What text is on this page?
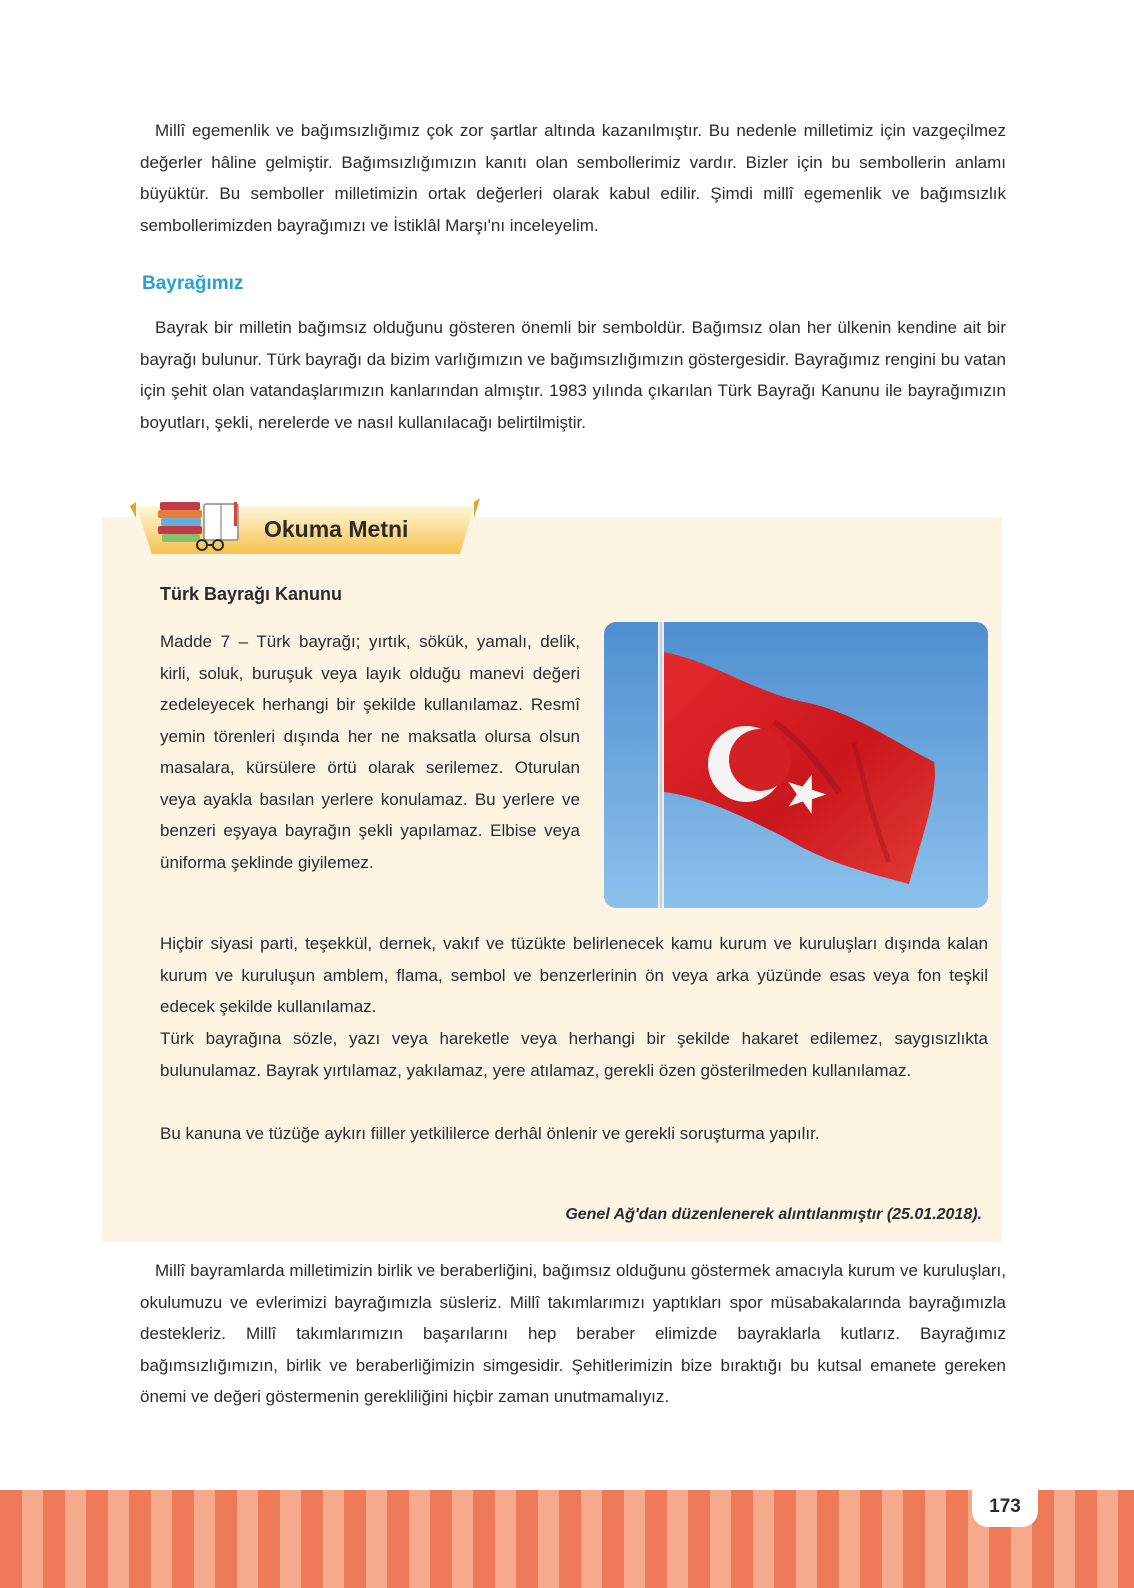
Millî egemenlik ve bağımsızlığımız çok zor şartlar altında kazanılmıştır. Bu nedenle milletimiz için vazgeçilmez değerler hâline gelmiştir. Bağımsızlığımızın kanıtı olan sembollerimiz vardır. Bizler için bu sembollerin anlamı büyüktür. Bu semboller milletimizin ortak değerleri olarak kabul edilir. Şimdi millî egemenlik ve bağımsızlık sembollerimizden bayrağımızı ve İstiklâl Marşı'nı inceleyelim.

Bayrağımız

Bayrak bir milletin bağımsız olduğunu gösteren önemli bir semboldür. Bağımsız olan her ülkenin kendine ait bir bayrağı bulunur. Türk bayrağı da bizim varlığımızın ve bağımsızlığımızın göstergesidir. Bayrağımız rengini bu vatan için şehit olan vatandaşlarımızın kanlarından almıştır. 1983 yılında çıkarılan Türk Bayrağı Kanunu ile bayrağımızın boyutları, şekli, nerelerde ve nasıl kullanılacağı belirtilmiştir.

Okuma Metni
Türk Bayrağı Kanunu

Madde 7 – Türk bayrağı; yırtık, sökük, yamalı, delik, kirli, soluk, buruşuk veya layık olduğu manevi değeri zedeleyecek herhangi bir şekilde kullanılamaz. Resmî yemin törenleri dışında her ne maksatla olursa olsun masalara, kürsülere örtü olarak serilemez. Oturulan veya ayakla basılan yerlere konulamaz. Bu yerlere ve benzeri eşyaya bayrağın şekli yapılamaz. Elbise veya üniforma şeklinde giyilemez.

Hiçbir siyasi parti, teşekkül, dernek, vakıf ve tüzükte belirlenecek kamu kurum ve kuruluşları dışında kalan kurum ve kuruluşun amblem, flama, sembol ve benzerlerinin ön veya arka yüzünde esas veya fon teşkil edecek şekilde kullanılamaz.

Türk bayrağına sözle, yazı veya hareketle veya herhangi bir şekilde hakaret edilemez, saygısızlıkta bulunulamaz. Bayrak yırtılamaz, yakılamaz, yere atılamaz, gerekli özen gösterilmeden kullanılamaz.

Bu kanuna ve tüzüğe aykırı fiiller yetkililerce derhâl önlenir ve gerekli soruşturma yapılır.

Genel Ağ'dan düzenlenerek alıntılanmıştır (25.01.2018).

Millî bayramlarda milletimizin birlik ve beraberliğini, bağımsız olduğunu göstermek amacıyla kurum ve kuruluşları, okulumuzu ve evlerimizi bayrağımızla süsleriz. Millî takımlarımızı yaptıkları spor müsabakalarında bayrağımızla destekleriz. Millî takımlarımızın başarılarını hep beraber elimizde bayraklarla kutlarız. Bayrağımız bağımsızlığımızın, birlik ve beraberliğimizin simgesidir. Şehitlerimizin bize bıraktığı bu kutsal emanete gereken önemi ve değeri göstermenin gerekliliğini hiçbir zaman unutmamalıyız.

173
